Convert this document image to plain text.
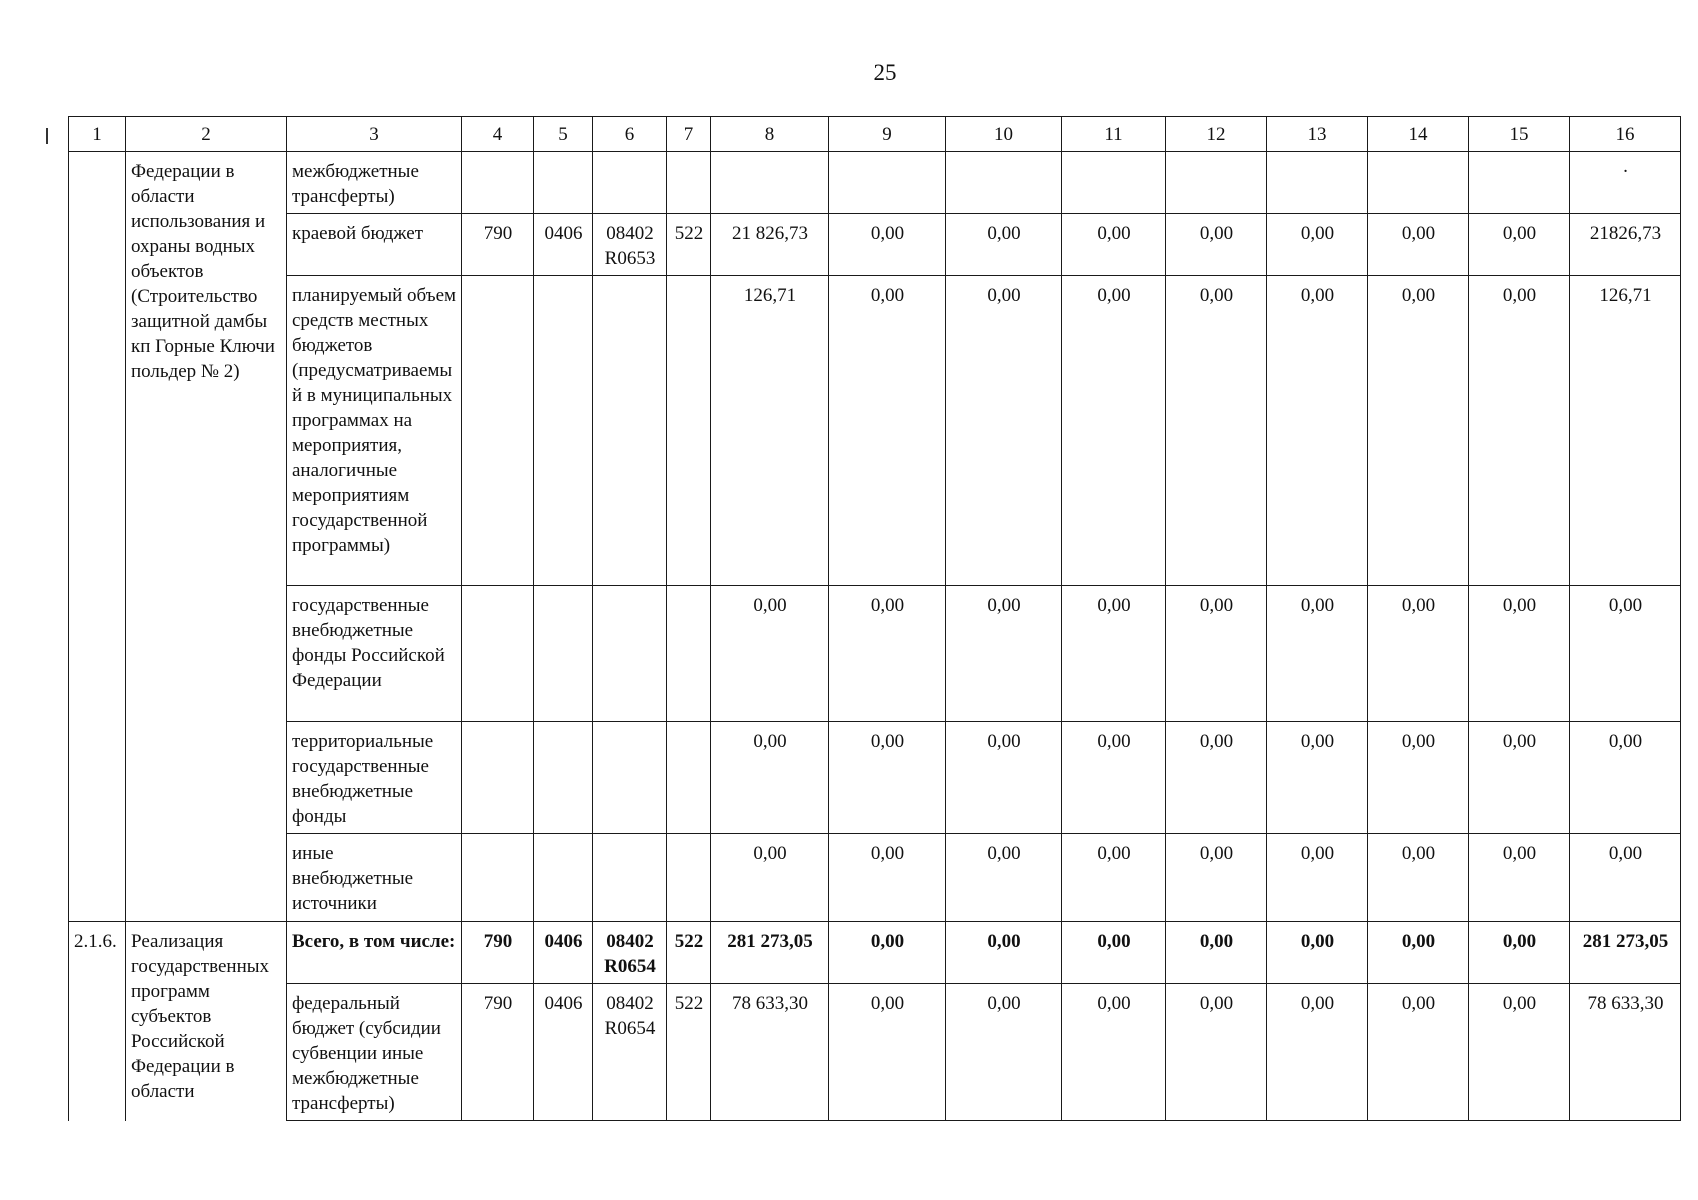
25
1	2	3	4	5	6	7	8	9	10	11	12	13	14	15	16
	Федерации в области использования и охраны водных объектов (Строительство защитной дамбы кп Горные Ключи польдер № 2)	межбюджетные трансферты)													·
		краевой бюджет	790	0406	08402 R0653	522	21 826,73	0,00	0,00	0,00	0,00	0,00	0,00	0,00	21826,73
		планируемый объем средств местных бюджетов (предусматриваемый в муниципальных программах на мероприятия, аналогичные мероприятиям государственной программы)					126,71	0,00	0,00	0,00	0,00	0,00	0,00	0,00	126,71
		государственные внебюджетные фонды Российской Федерации					0,00	0,00	0,00	0,00	0,00	0,00	0,00	0,00	0,00
		территориальные государственные внебюджетные фонды					0,00	0,00	0,00	0,00	0,00	0,00	0,00	0,00	0,00
		иные внебюджетные источники					0,00	0,00	0,00	0,00	0,00	0,00	0,00	0,00	0,00
2.1.6.	Реализация государственных программ субъектов Российской Федерации в области	Всего, в том числе:	790	0406	08402 R0654	522	281 273,05	0,00	0,00	0,00	0,00	0,00	0,00	0,00	281 273,05
		федеральный бюджет (субсидии субвенции иные межбюджетные трансферты)	790	0406	08402 R0654	522	78 633,30	0,00	0,00	0,00	0,00	0,00	0,00	0,00	78 633,30
